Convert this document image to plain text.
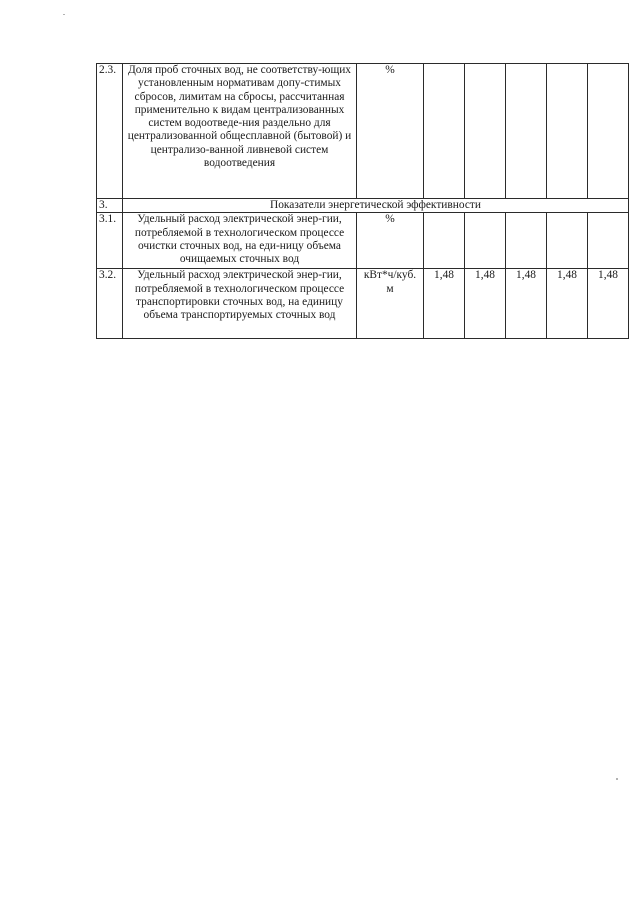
2.3.	Доля проб сточных вод, не соответству-ющих установленным нормативам допу-стимых сбросов, лимитам на сбросы, рассчитанная применительно к видам централизованных систем водоотведе-ния раздельно для централизованной общесплавной (бытовой) и централизо-ванной ливневой систем водоотведения	%					
3.	Показатели энергетической эффективности						
3.1.	Удельный расход электрической энер-гии, потребляемой в технологическом процессе очистки сточных вод, на еди-ницу объема очищаемых сточных вод	%					
3.2.	Удельный расход электрической энер-гии, потребляемой в технологическом процессе транспортировки сточных вод, на единицу объема транспортируемых сточных вод	кВт*ч/куб. м	1,48	1,48	1,48	1,48	1,48
